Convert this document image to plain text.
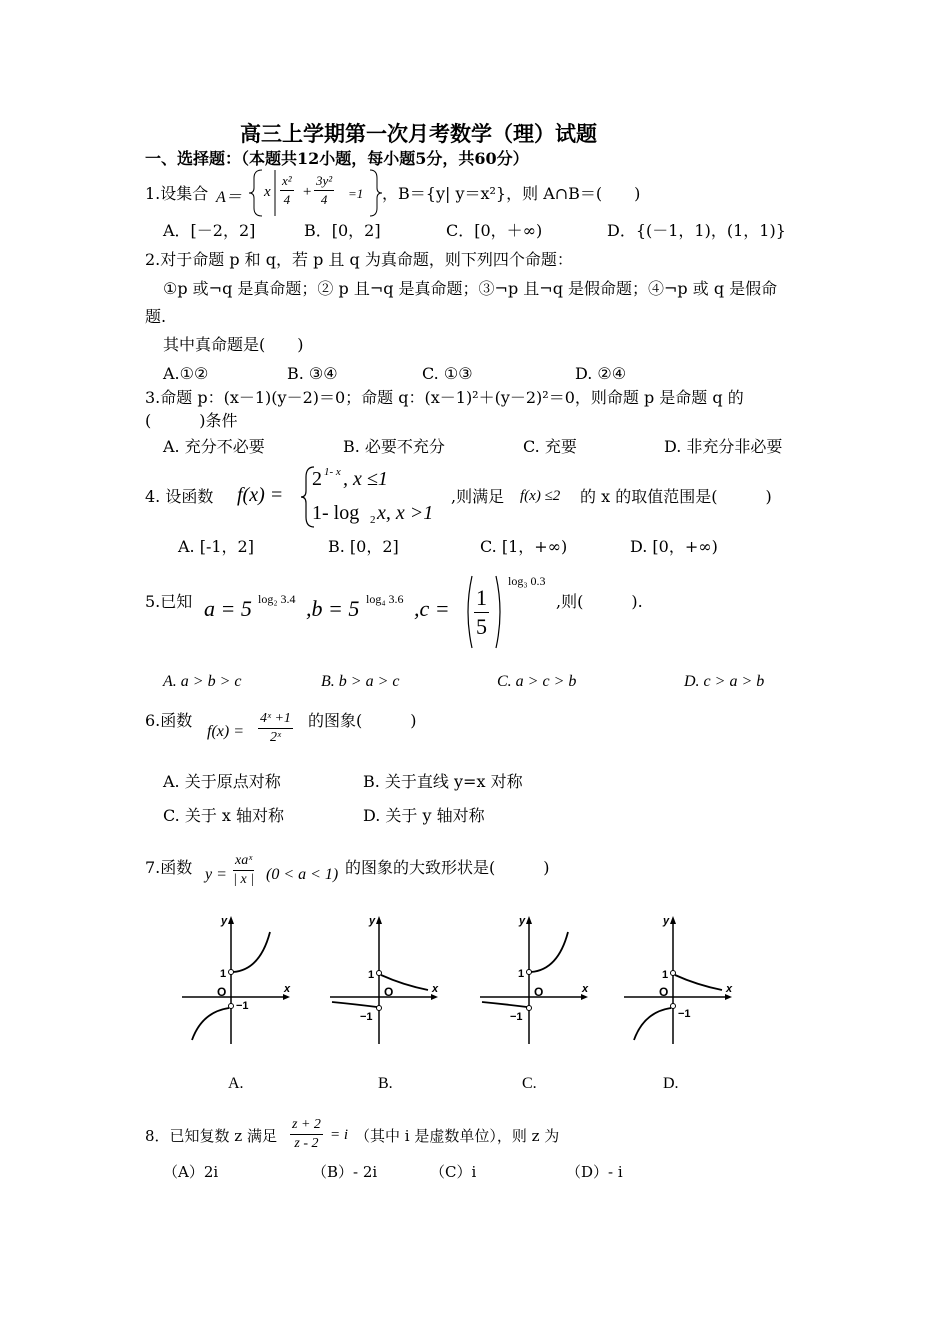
高三上学期第一次月考数学（理）试题
一、选择题：（本题共12小题，每小题5分，共60分）
1.设集合 A＝ x $\frac{\text{x²}}{4} + \frac{\text{3y²}}{4} =1$ ，B＝{y| y＝x²}，则 A∩B＝(　　)
A．[－2，2]	B．[0，2]	C．[0，＋∞)	D．{(－1，1)，(1，1)}
2.对于命题 p 和 q，若 p 且 q 为真命题，则下列四个命题：
①p 或¬q 是真命题；② p 且¬q 是真命题；③¬p 且¬q 是假命题；④¬p 或 q 是假命
题.
其中真命题是(　　)
A.①②	B. ③④	C. ①③	D. ②④
3.命题 p：(x－1)(y－2)＝0；命题 q：(x－1)²＋(y－2)²＝0，则命题 p 是命题 q 的
(　　　)条件
A. 充分不必要	B. 必要不充分	C. 充要	D. 非充分非必要
4. 设函数 f(x) =
2 1- x , x ≤1
1- log 2 x, x >1
,则满足 f(x) ≤2 的 x 的取值范围是(　　　)
A. [-1，2]	B. [0，2]	C. [1，+∞)	D. [0，+∞)
5.已知 a = 5 log₂ 3.4 ,b = 5 log₄ 3.6 $,c = \frac{1}{5}$
log₃ 0.3
,则(　　　).
A. a > b > c	B. b > a > c	C. a > c > b	D. c > a > b
6.函数
$f(x) = \frac{\text{4ˣ +1}}{\text{2ˣ}}$ 的图象(　　　)
A. 关于原点对称	B. 关于直线 y=x 对称
C. 关于 x 轴对称	D. 关于 y 轴对称
7.函数 y =
xaˣ
| x | (0 < a < 1) 的图象的大致形状是(　　　)
y
x
O
1
−1
y
x
O
1
−1
y
x
O
1
−1
y
x
O
1
−1
A.	B.	C.	D.
8．已知复数 z 满足 $\frac{z + 2}{z - 2} = i$ （其中 i 是虚数单位），则 z 为
（A）2i	（B）- 2i	（C）i	（D）- i
